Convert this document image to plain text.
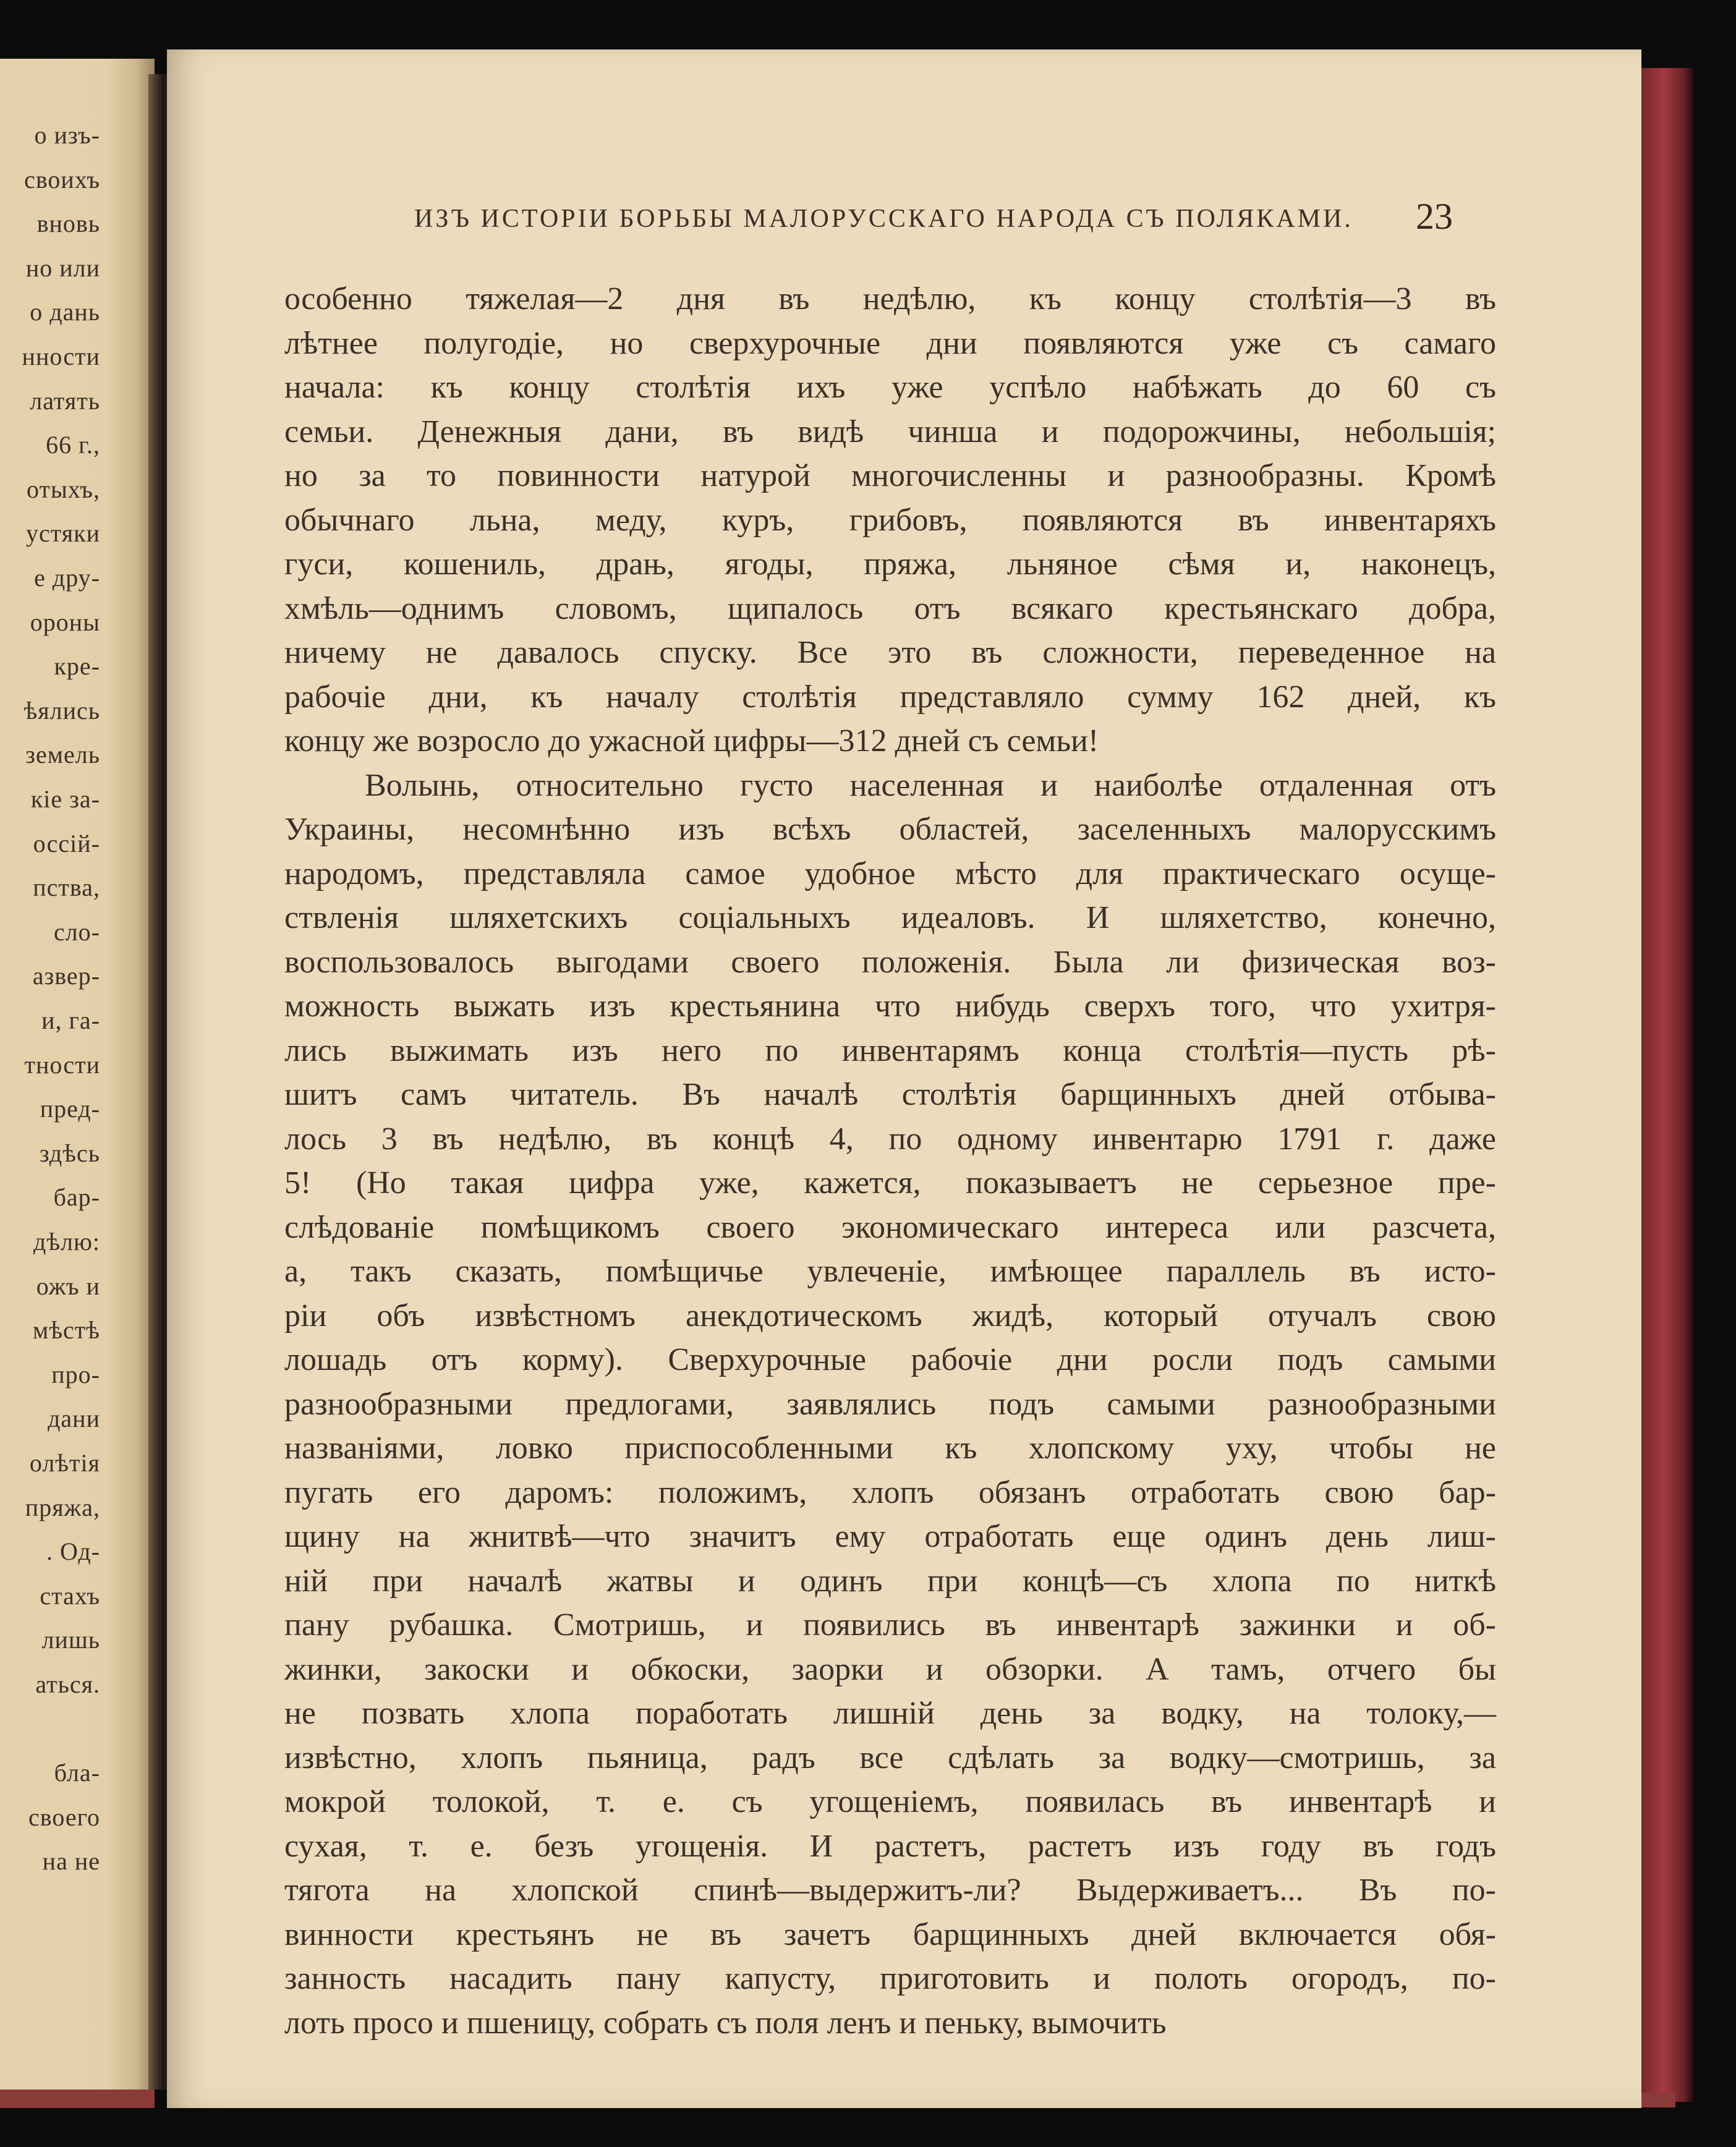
о изъ-
своихъ
вновь
но или
о дань
нности
латять
66 г.,
отыхъ,
устяки
е дру-
ороны
кре-
ѣялись
земель
кіе за-
оссій-
пства,
сло-
азвер-
и, га-
тности
пред-
здѣсь
бар-
дѣлю:
ожъ и
мѣстѣ
про-
дани
олѣтія
пряжа,
. Од-
стахъ
лишь
аться.
бла-
своего
на не
ИЗЪ ИСТОРІИ БОРЬБЫ МАЛОРУССКАГО НАРОДА СЪ ПОЛЯКАМИ. 23
особенно тяжелая—2 дня въ недѣлю, къ концу столѣтія—3 въ
лѣтнее полугодіе, но сверхурочные дни появляются уже съ самаго
начала: къ концу столѣтія ихъ уже успѣло набѣжать до 60 съ
семьи. Денежныя дани, въ видѣ чинша и подорожчины, небольшія;
но за то повинности натурой многочисленны и разнообразны. Кромѣ
обычнаго льна, меду, куръ, грибовъ, появляются въ инвентаряхъ
гуси, кошениль, драњ, ягоды, пряжа, льняное сѣмя и, наконецъ,
хмѣль—однимъ словомъ, щипалось отъ всякаго крестьянскаго добра,
ничему не давалось спуску. Все это въ сложности, переведенное на
рабочіе дни, къ началу столѣтія представляло сумму 162 дней, къ
концу же возросло до ужасной цифры—312 дней съ семьи!
Волынь, относительно густо населенная и наиболѣе отдаленная отъ
Украины, несомнѣнно изъ всѣхъ областей, заселенныхъ малорусскимъ
народомъ, представляла самое удобное мѣсто для практическаго осуще-
ствленія шляхетскихъ соціальныхъ идеаловъ. И шляхетство, конечно,
воспользовалось выгодами своего положенія. Была ли физическая воз-
можность выжать изъ крестьянина что нибудь сверхъ того, что ухитря-
лись выжимать изъ него по инвентарямъ конца столѣтія—пусть рѣ-
шитъ самъ читатель. Въ началѣ столѣтія барщинныхъ дней отбыва-
лось 3 въ недѣлю, въ концѣ 4, по одному инвентарю 1791 г. даже
5! (Но такая цифра уже, кажется, показываетъ не серьезное пре-
слѣдованіе помѣщикомъ своего экономическаго интереса или разсчета,
а, такъ сказать, помѣщичье увлеченіе, имѣющее параллель въ исто-
ріи объ извѣстномъ анекдотическомъ жидѣ, который отучалъ свою
лошадь отъ корму). Сверхурочные рабочіе дни росли подъ самыми
разнообразными предлогами, заявлялись подъ самыми разнообразными
названіями, ловко приспособленными къ хлопскому уху, чтобы не
пугать его даромъ: положимъ, хлопъ обязанъ отработать свою бар-
щину на жнитвѣ—что значитъ ему отработать еще одинъ день лиш-
ній при началѣ жатвы и одинъ при концѣ—съ хлопа по ниткѣ
пану рубашка. Смотришь, и появились въ инвентарѣ зажинки и об-
жинки, закоски и обкоски, заорки и обзорки. А тамъ, отчего бы
не позвать хлопа поработать лишній день за водку, на толоку,—
извѣстно, хлопъ пьяница, радъ все сдѣлать за водку—смотришь, за
мокрой толокой, т. е. съ угощеніемъ, появилась въ инвентарѣ и
сухая, т. е. безъ угощенія. И растетъ, растетъ изъ году въ годъ
тягота на хлопской спинѣ—выдержитъ-ли? Выдерживаетъ... Въ по-
винности крестьянъ не въ зачетъ барщинныхъ дней включается обя-
занность насадить пану капусту, приготовить и полоть огородъ, по-
лоть просо и пшеницу, собрать съ поля ленъ и пеньку, вымочить
